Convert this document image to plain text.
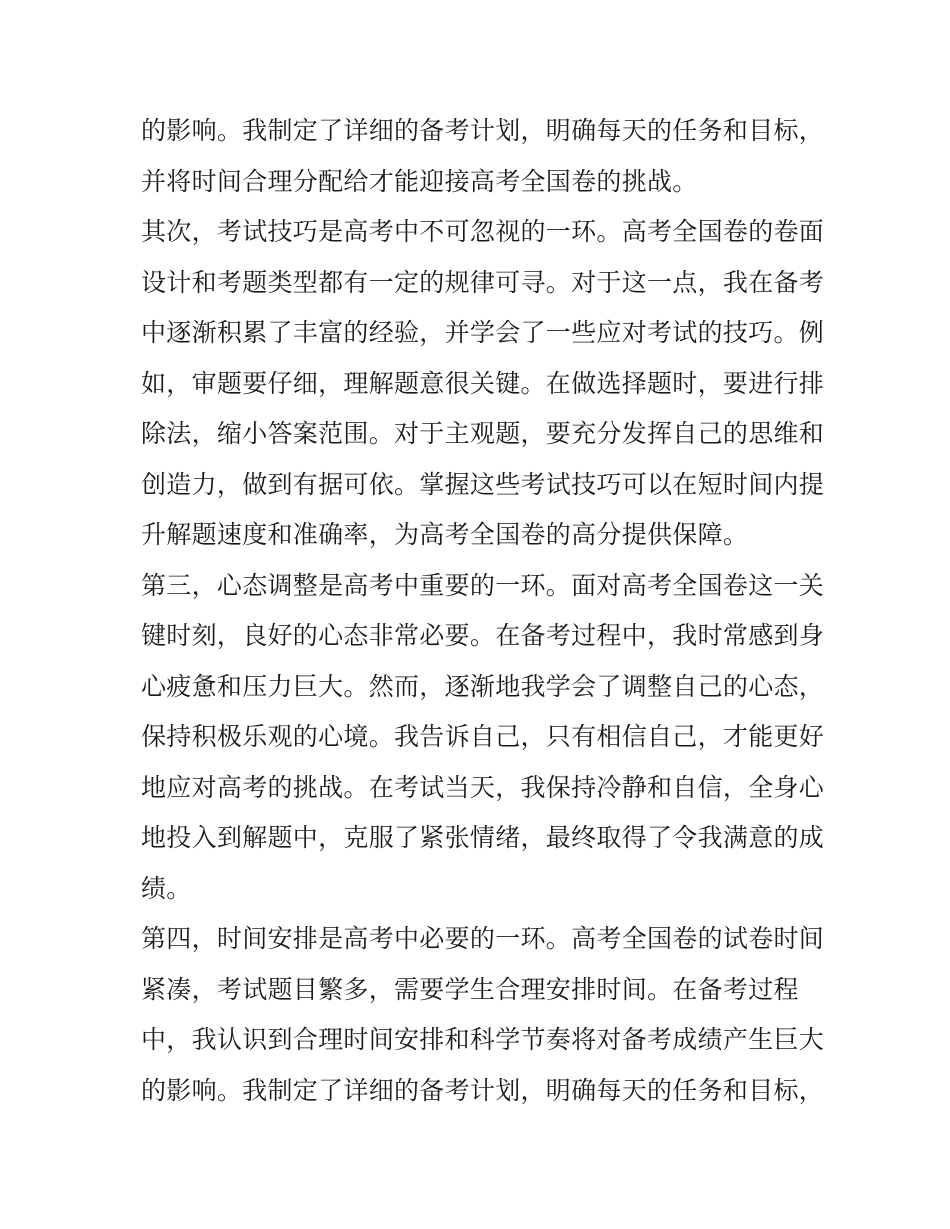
的影响。我制定了详细的备考计划，明确每天的任务和目标，
并将时间合理分配给才能迎接高考全国卷的挑战。
其次，考试技巧是高考中不可忽视的一环。高考全国卷的卷面
设计和考题类型都有一定的规律可寻。对于这一点，我在备考
中逐渐积累了丰富的经验，并学会了一些应对考试的技巧。例
如，审题要仔细，理解题意很关键。在做选择题时，要进行排
除法，缩小答案范围。对于主观题，要充分发挥自己的思维和
创造力，做到有据可依。掌握这些考试技巧可以在短时间内提
升解题速度和准确率，为高考全国卷的高分提供保障。
第三，心态调整是高考中重要的一环。面对高考全国卷这一关
键时刻，良好的心态非常必要。在备考过程中，我时常感到身
心疲惫和压力巨大。然而，逐渐地我学会了调整自己的心态，
保持积极乐观的心境。我告诉自己，只有相信自己，才能更好
地应对高考的挑战。在考试当天，我保持冷静和自信，全身心
地投入到解题中，克服了紧张情绪，最终取得了令我满意的成
绩。
第四，时间安排是高考中必要的一环。高考全国卷的试卷时间
紧凑，考试题目繁多，需要学生合理安排时间。在备考过程
中，我认识到合理时间安排和科学节奏将对备考成绩产生巨大
的影响。我制定了详细的备考计划，明确每天的任务和目标，
